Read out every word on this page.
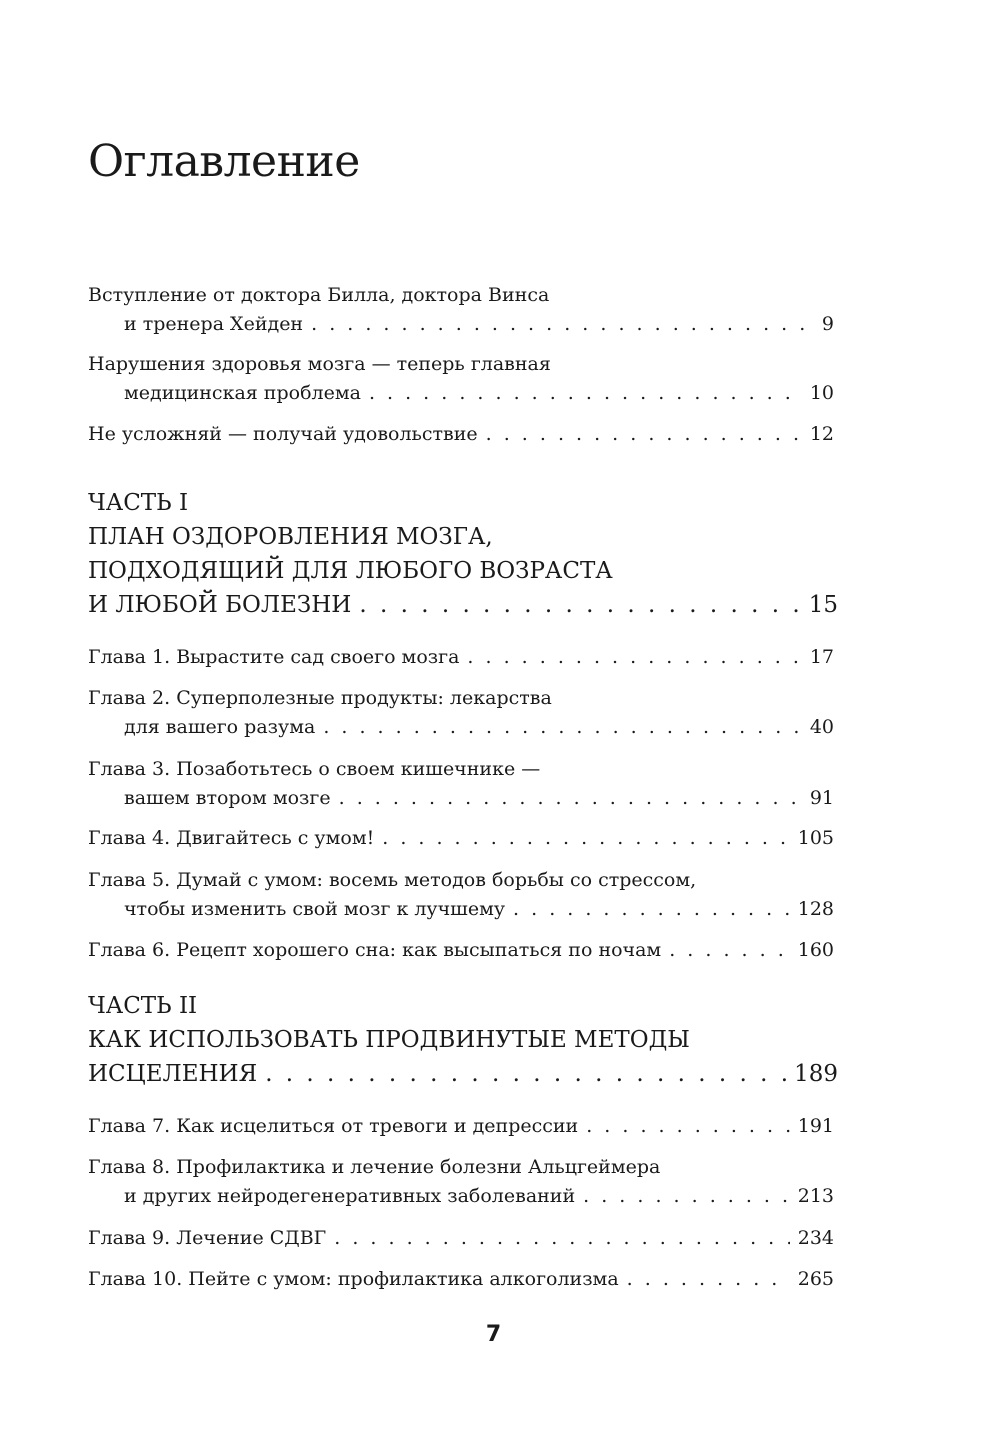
Оглавление
Вступление от доктора Билла, доктора Винса
и тренера Хейден . . .	9
Нарушения здоровья мозга — теперь главная
медицинская проблема . . .	10
Не усложняй — получай удовольствие . . .	12
ЧАСТЬ I
ПЛАН ОЗДОРОВЛЕНИЯ МОЗГА,
ПОДХОДЯЩИЙ ДЛЯ ЛЮБОГО ВОЗРАСТА
И ЛЮБОЙ БОЛЕЗНИ . . .	15
Глава 1. Вырастите сад своего мозга . . .	17
Глава 2. Суперполезные продукты: лекарства
для вашего разума . . .	40
Глава 3. Позаботьтесь о своем кишечнике —
вашем втором мозге . . .	91
Глава 4. Двигайтесь с умом! . . .	105
Глава 5. Думай с умом: восемь методов борьбы со стрессом,
чтобы изменить свой мозг к лучшему . . .	128
Глава 6. Рецепт хорошего сна: как высыпаться по ночам . . .	160
ЧАСТЬ II
КАК ИСПОЛЬЗОВАТЬ ПРОДВИНУТЫЕ МЕТОДЫ
ИСЦЕЛЕНИЯ . . .	189
Глава 7. Как исцелиться от тревоги и депрессии . . .	191
Глава 8. Профилактика и лечение болезни Альцгеймера
и других нейродегенеративных заболеваний . . .	213
Глава 9. Лечение СДВГ . . .	234
Глава 10. Пейте с умом: профилактика алкоголизма . . .	265
7
